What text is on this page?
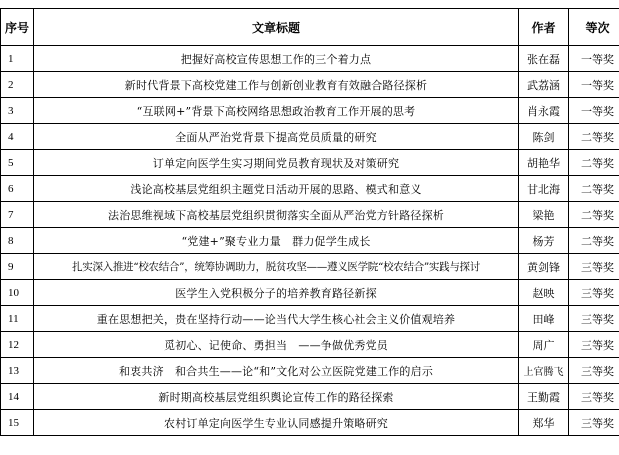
序号	文章标题	作者	等次
1	把握好高校宣传思想工作的三个着力点	张在磊	一等奖
2	新时代背景下高校党建工作与创新创业教育有效融合路径探析	武荔涵	一等奖
3	“互联网+”背景下高校网络思想政治教育工作开展的思考	肖永霞	一等奖
4	全面从严治党背景下提高党员质量的研究	陈剑	二等奖
5	订单定向医学生实习期间党员教育现状及对策研究	胡艳华	二等奖
6	浅论高校基层党组织主题党日活动开展的思路、模式和意义	甘北海	二等奖
7	法治思维视域下高校基层党组织贯彻落实全面从严治党方针路径探析	梁艳	二等奖
8	“党建+”聚专业力量　群力促学生成长	杨芳	二等奖
9	扎实深入推进“校农结合”，统筹协调助力，脱贫攻坚——遵义医学院“校农结合”实践与探讨	黄剑锋	三等奖
10	医学生入党积极分子的培养教育路径新探	赵映	三等奖
11	重在思想把关，贵在坚持行动——论当代大学生核心社会主义价值观培养	田峰	三等奖
12	觅初心、记使命、勇担当　——争做优秀党员	周广	三等奖
13	和衷共济　和合共生——论“和”文化对公立医院党建工作的启示	上官腾飞	三等奖
14	新时期高校基层党组织舆论宣传工作的路径探索	王勤霞	三等奖
15	农村订单定向医学生专业认同感提升策略研究	郑华	三等奖
